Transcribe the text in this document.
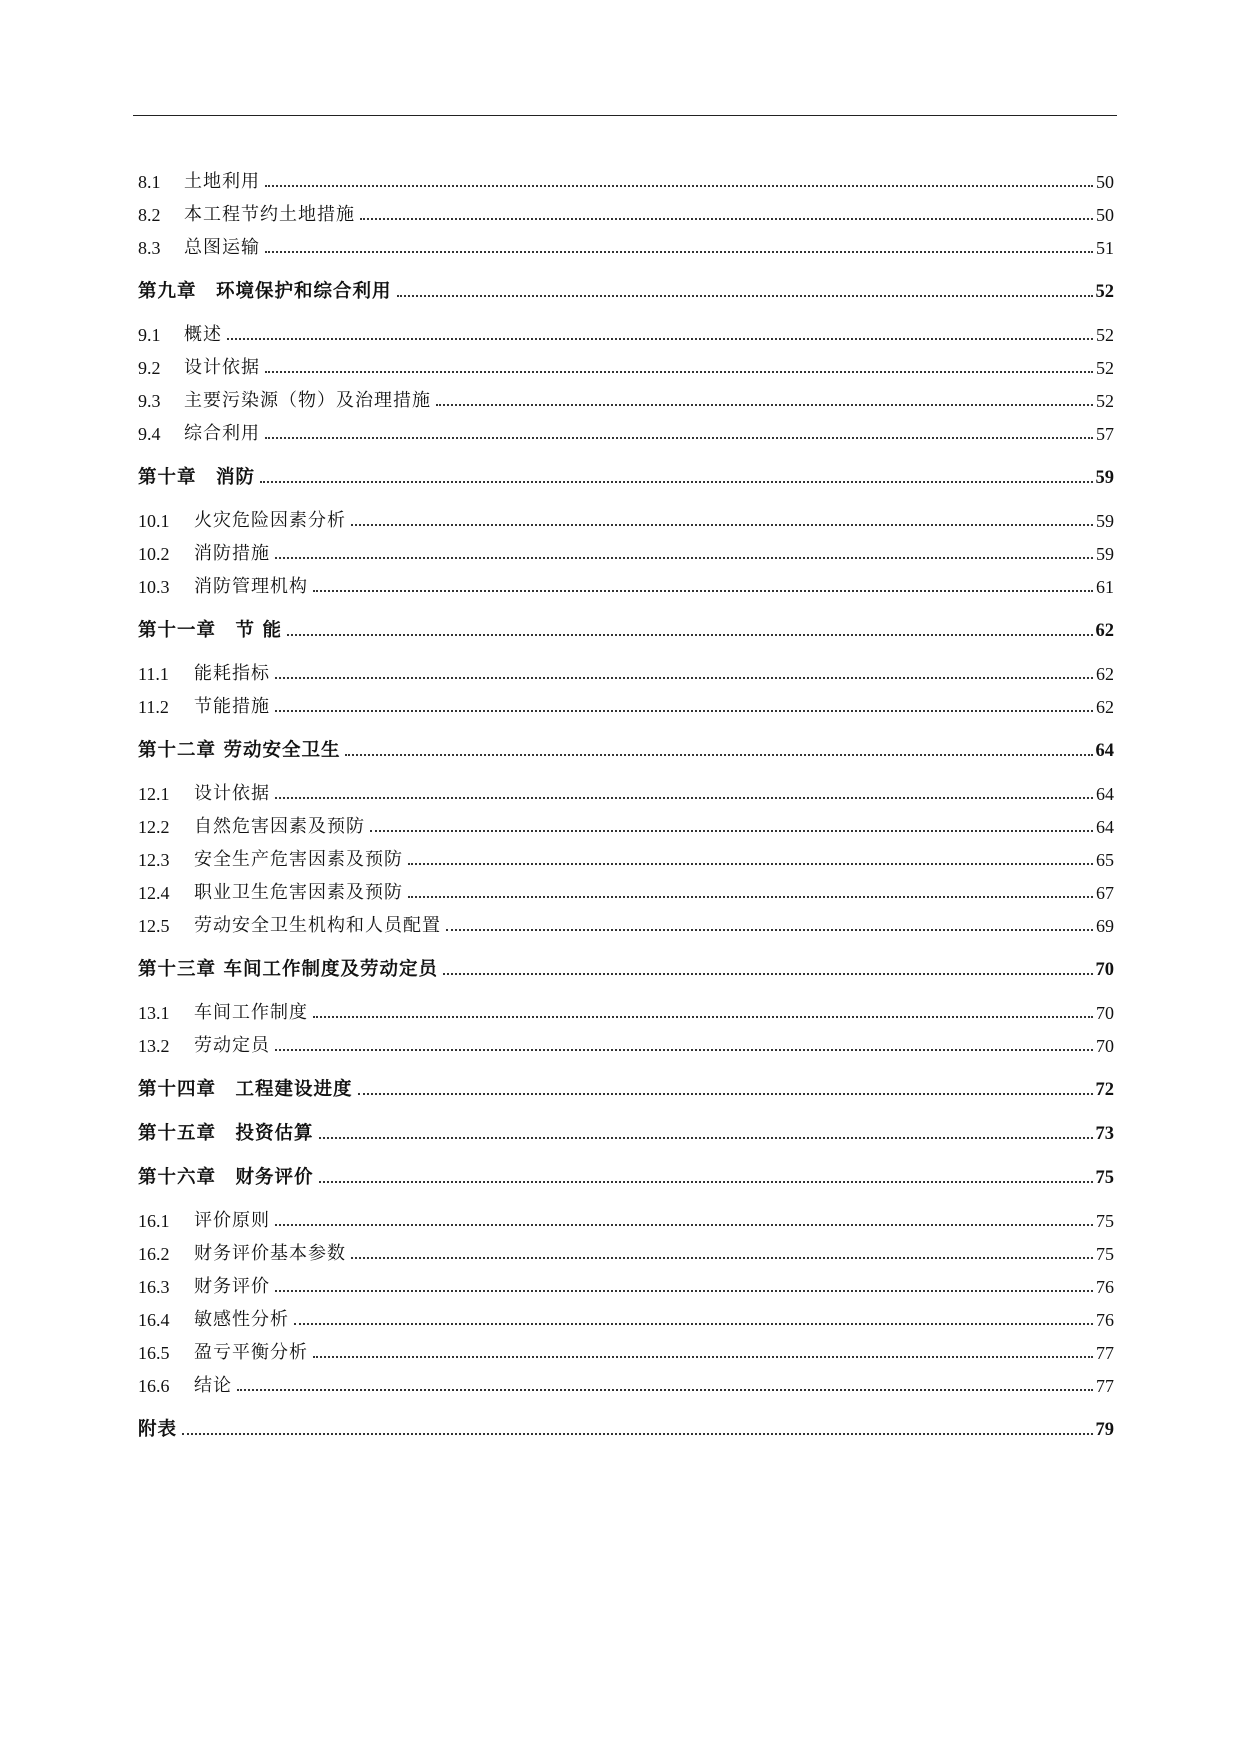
8.1	土地利用	50
8.2	本工程节约土地措施	50
8.3	总图运输	51
第九章　环境保护和综合利用	52
9.1	概述	52
9.2	设计依据	52
9.3	主要污染源（物）及治理措施	52
9.4	综合利用	57
第十章　消防	59
10.1	火灾危险因素分析	59
10.2	消防措施	59
10.3	消防管理机构	61
第十一章　节 能	62
11.1	能耗指标	62
11.2	节能措施	62
第十二章 劳动安全卫生	64
12.1	设计依据	64
12.2	自然危害因素及预防	64
12.3	安全生产危害因素及预防	65
12.4	职业卫生危害因素及预防	67
12.5	劳动安全卫生机构和人员配置	69
第十三章 车间工作制度及劳动定员	70
13.1	车间工作制度	70
13.2	劳动定员	70
第十四章　工程建设进度	72
第十五章　投资估算	73
第十六章　财务评价	75
16.1	评价原则	75
16.2	财务评价基本参数	75
16.3	财务评价	76
16.4	敏感性分析	76
16.5	盈亏平衡分析	77
16.6	结论	77
附表	79
